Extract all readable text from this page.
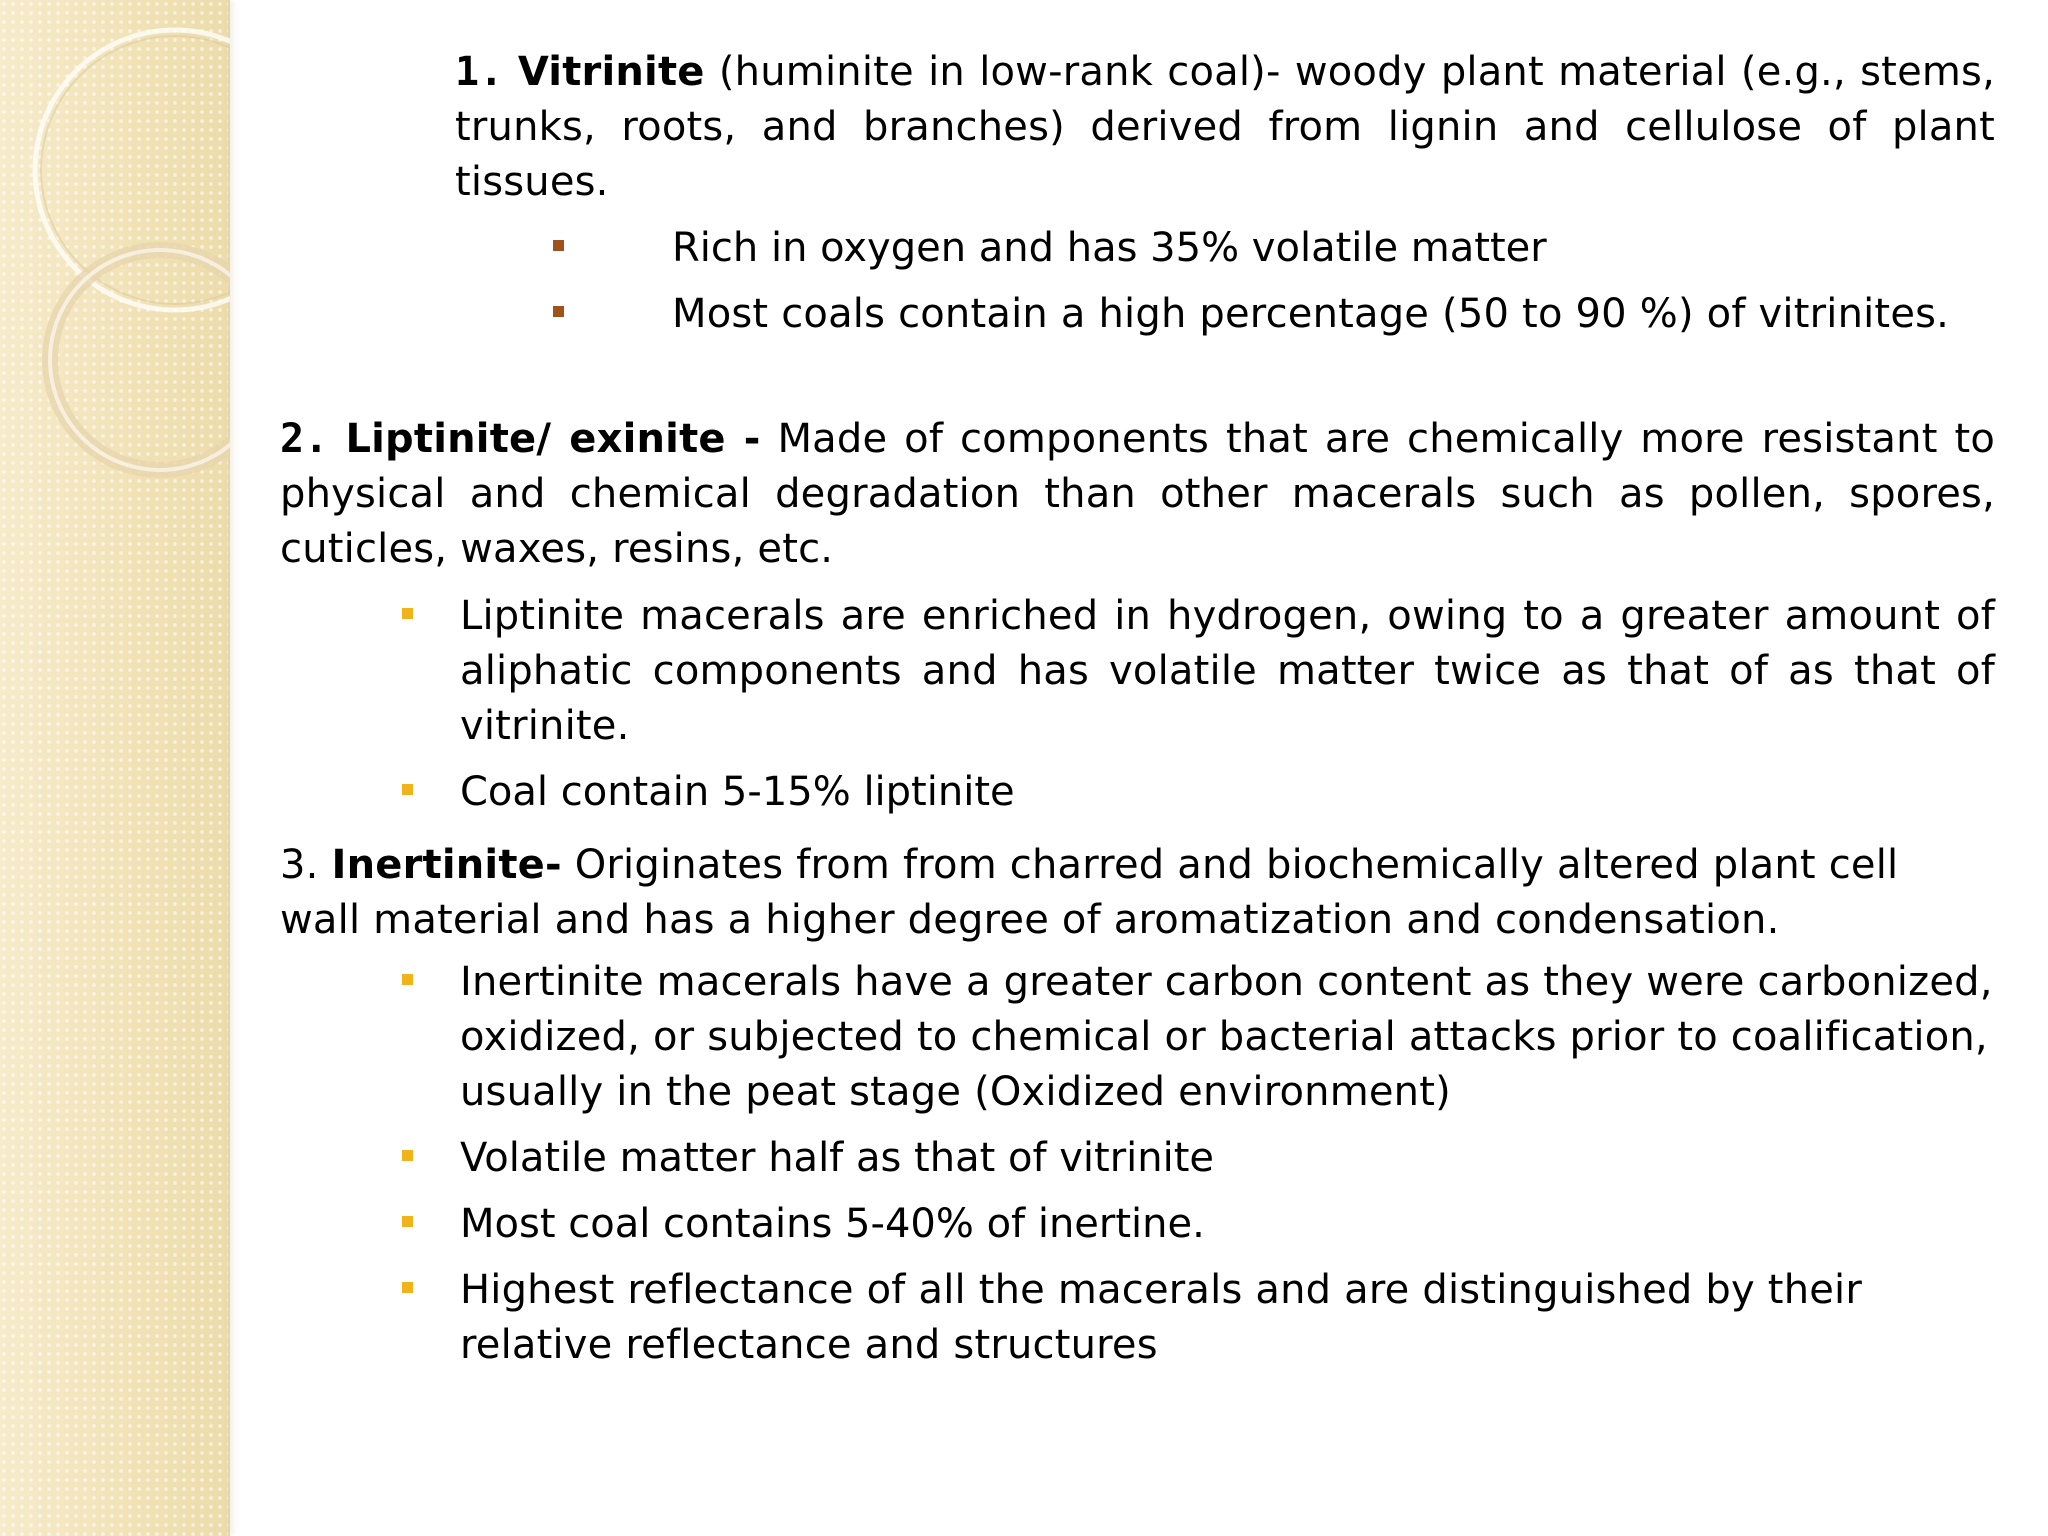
1. Vitrinite (huminite in low-rank coal)- woody plant material (e.g., stems, trunks, roots, and branches) derived from lignin and cellulose of plant tissues.

Rich in oxygen and has 35% volatile matter

Most coals contain a high percentage (50 to 90 %) of vitrinites.

2. Liptinite/ exinite - Made of components that are chemically more resistant to physical and chemical degradation than other macerals such as pollen, spores, cuticles, waxes, resins, etc.

Liptinite macerals are enriched in hydrogen, owing to a greater amount of aliphatic components and has volatile matter twice as that of as that of vitrinite.

Coal contain 5-15% liptinite

3. Inertinite- Originates from from charred and biochemically altered plant cell wall material and has a higher degree of aromatization and condensation.

Inertinite macerals have a greater carbon content as they were carbonized, oxidized, or subjected to chemical or bacterial attacks prior to coalification, usually in the peat stage (Oxidized environment)

Volatile matter half as that of vitrinite
Most coal contains 5-40% of inertine.

Highest reflectance of all the macerals and are distinguished by their relative reflectance and structures
